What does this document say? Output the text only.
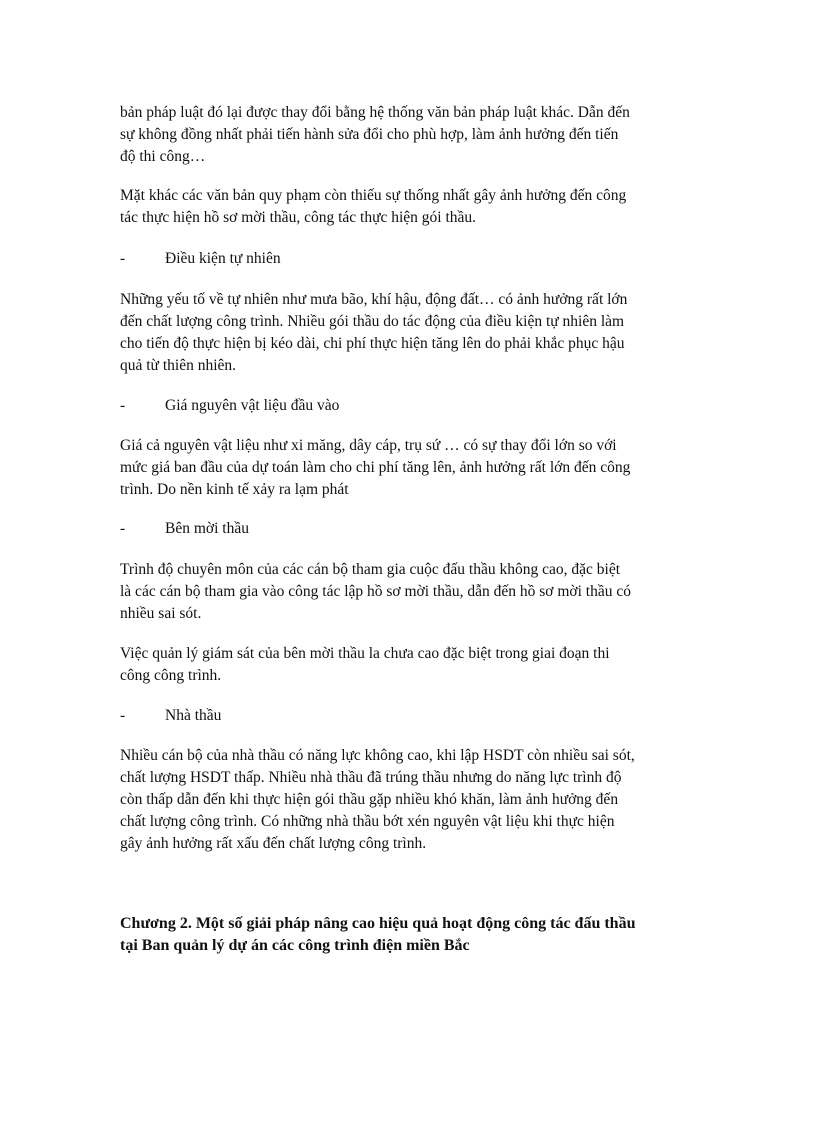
bản pháp luật đó lại được thay đổi bằng hệ thống văn bản pháp luật khác. Dẫn đến
sự không đồng nhất phải tiến hành sửa đổi cho phù hợp, làm ảnh hưởng đến tiến
độ thi công…
Mặt khác các văn bản quy phạm còn thiếu sự thống nhất gây ảnh hưởng đến công
tác thực hiện hồ sơ mời thầu, công tác thực hiện gói thầu.
-	Điều kiện tự nhiên
Những yếu tố về tự nhiên như mưa bão, khí hậu, động đất… có ảnh hưởng rất lớn
đến chất lượng công trình. Nhiều gói thầu do tác động của điều kiện tự nhiên làm
cho tiến độ thực hiện bị kéo dài, chi phí thực hiện tăng lên do phải khắc phục hậu
quả từ thiên nhiên.
-	Giá nguyên vật liệu đầu vào
Giá cả nguyên vật liệu như xi măng, dây cáp, trụ sứ … có sự thay đổi lớn so với
mức giá ban đầu của dự toán làm cho chi phí tăng lên, ảnh hưởng rất lớn đến công
trình. Do nền kinh tế xảy ra lạm phát
-	Bên mời thầu
Trình độ chuyên môn của các cán bộ tham gia cuộc đấu thầu không cao, đặc biệt
là các cán bộ tham gia vào công tác lập hồ sơ mời thầu, dẫn đến hồ sơ mời thầu có
nhiều sai sót.
Việc quản lý giám sát của bên mời thầu la chưa cao đặc biệt trong giai đoạn thi
công công trình.
-	Nhà thầu
Nhiều cán bộ của nhà thầu có năng lực không cao, khi lập HSDT còn nhiều sai sót,
chất lượng HSDT thấp. Nhiều nhà thầu đã trúng thầu nhưng do năng lực trình độ
còn thấp dẫn đến khi thực hiện gói thầu gặp nhiều khó khăn, làm ảnh hưởng đến
chất lượng công trình. Có những nhà thầu bớt xén nguyên vật liệu khi thực hiện
gây ảnh hưởng rất xấu đến chất lượng công trình.
Chương 2. Một số giải pháp nâng cao hiệu quả hoạt động công tác đấu thầu
tại Ban quản lý dự án các công trình điện miền Bắc
